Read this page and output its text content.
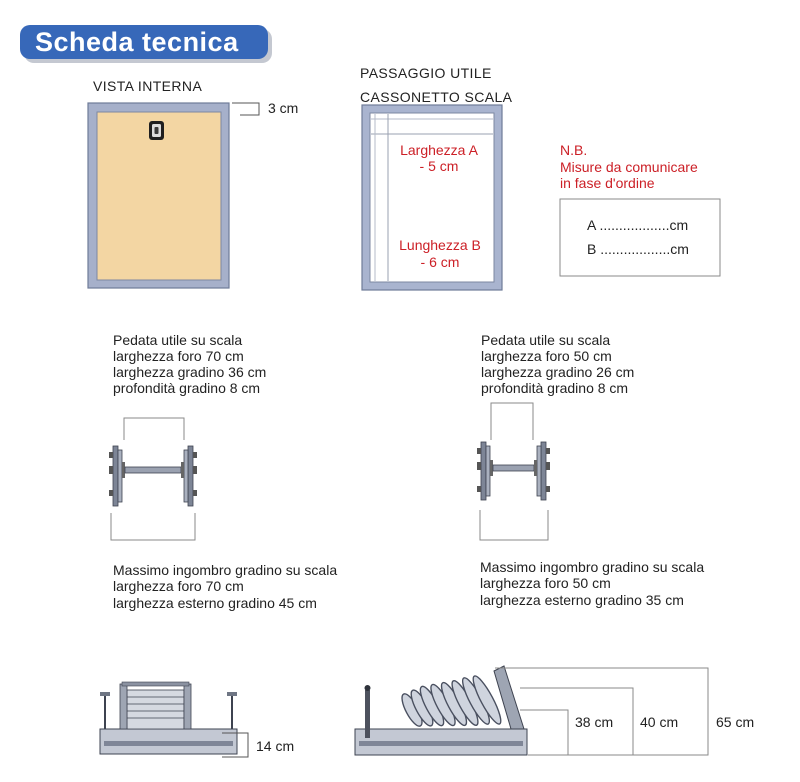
Scheda tecnica
VISTA INTERNA
3 cm
PASSAGGIO UTILE
CASSONETTO SCALA
Larghezza A
- 5 cm
Lunghezza B
- 6 cm
N.B.
Misure da comunicare
in fase d'ordine
A ..................cm
B ..................cm
Pedata utile su scala
larghezza foro 70 cm
larghezza gradino 36 cm
profondità gradino 8 cm
Massimo ingombro gradino su scala
larghezza foro 70 cm
larghezza esterno gradino 45 cm
Pedata utile su scala
larghezza foro 50 cm
larghezza gradino 26 cm
profondità gradino 8 cm
Massimo ingombro gradino su scala
larghezza foro 50 cm
larghezza esterno gradino 35 cm
14 cm
38 cm 40 cm	65 cm
